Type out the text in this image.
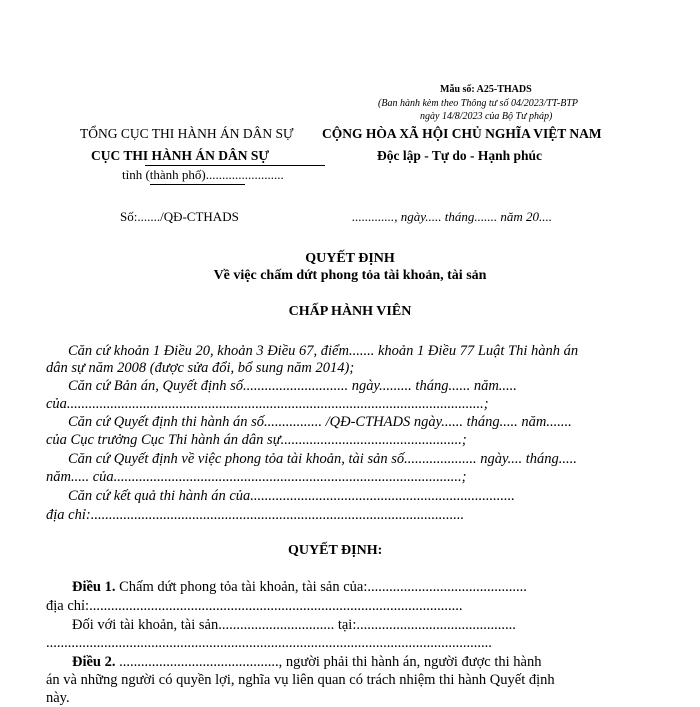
Mẫu số: A25-THADS
(Ban hành kèm theo Thông tư số 04/2023/TT-BTP
ngày 14/8/2023 của Bộ Tư pháp)
TỔNG CỤC THI HÀNH ÁN DÂN SỰ
CỤC THI HÀNH ÁN DÂN SỰ
tỉnh (thành phố)........................
CỘNG HÒA XÃ HỘI CHỦ NGHĨA VIỆT NAM
Độc lập - Tự do - Hạnh phúc
Số:......./QĐ-CTHADS	............., ngày..... tháng....... năm 20....
QUYẾT ĐỊNH
Về việc chấm dứt phong tỏa tài khoản, tài sản
CHẤP HÀNH VIÊN
Căn cứ khoản 1 Điều 20, khoản 3 Điều 67, điểm....... khoản 1 Điều 77 Luật Thi hành án
dân sự năm 2008 (được sửa đổi, bổ sung năm 2014);
Căn cứ Bản án, Quyết định số............................. ngày......... tháng...... năm.....
của...................................................................................................................;
Căn cứ Quyết định thi hành án số................ /QĐ-CTHADS ngày...... tháng..... năm.......
của Cục trưởng Cục Thi hành án dân sự..................................................;
Căn cứ Quyết định về việc phong tỏa tài khoản, tài sản số.................... ngày.... tháng.....
năm..... của................................................................................................;
Căn cứ kết quả thi hành án của.........................................................................
địa chỉ:.......................................................................................................
QUYẾT ĐỊNH:
Điều 1. Chấm dứt phong tỏa tài khoản, tài sản của:............................................
địa chỉ:.......................................................................................................
Đối với tài khoản, tài sản................................ tại:............................................
...........................................................................................................................
Điều 2. ............................................, người phải thi hành án, người được thi hành
án và những người có quyền lợi, nghĩa vụ liên quan có trách nhiệm thi hành Quyết định
này.
